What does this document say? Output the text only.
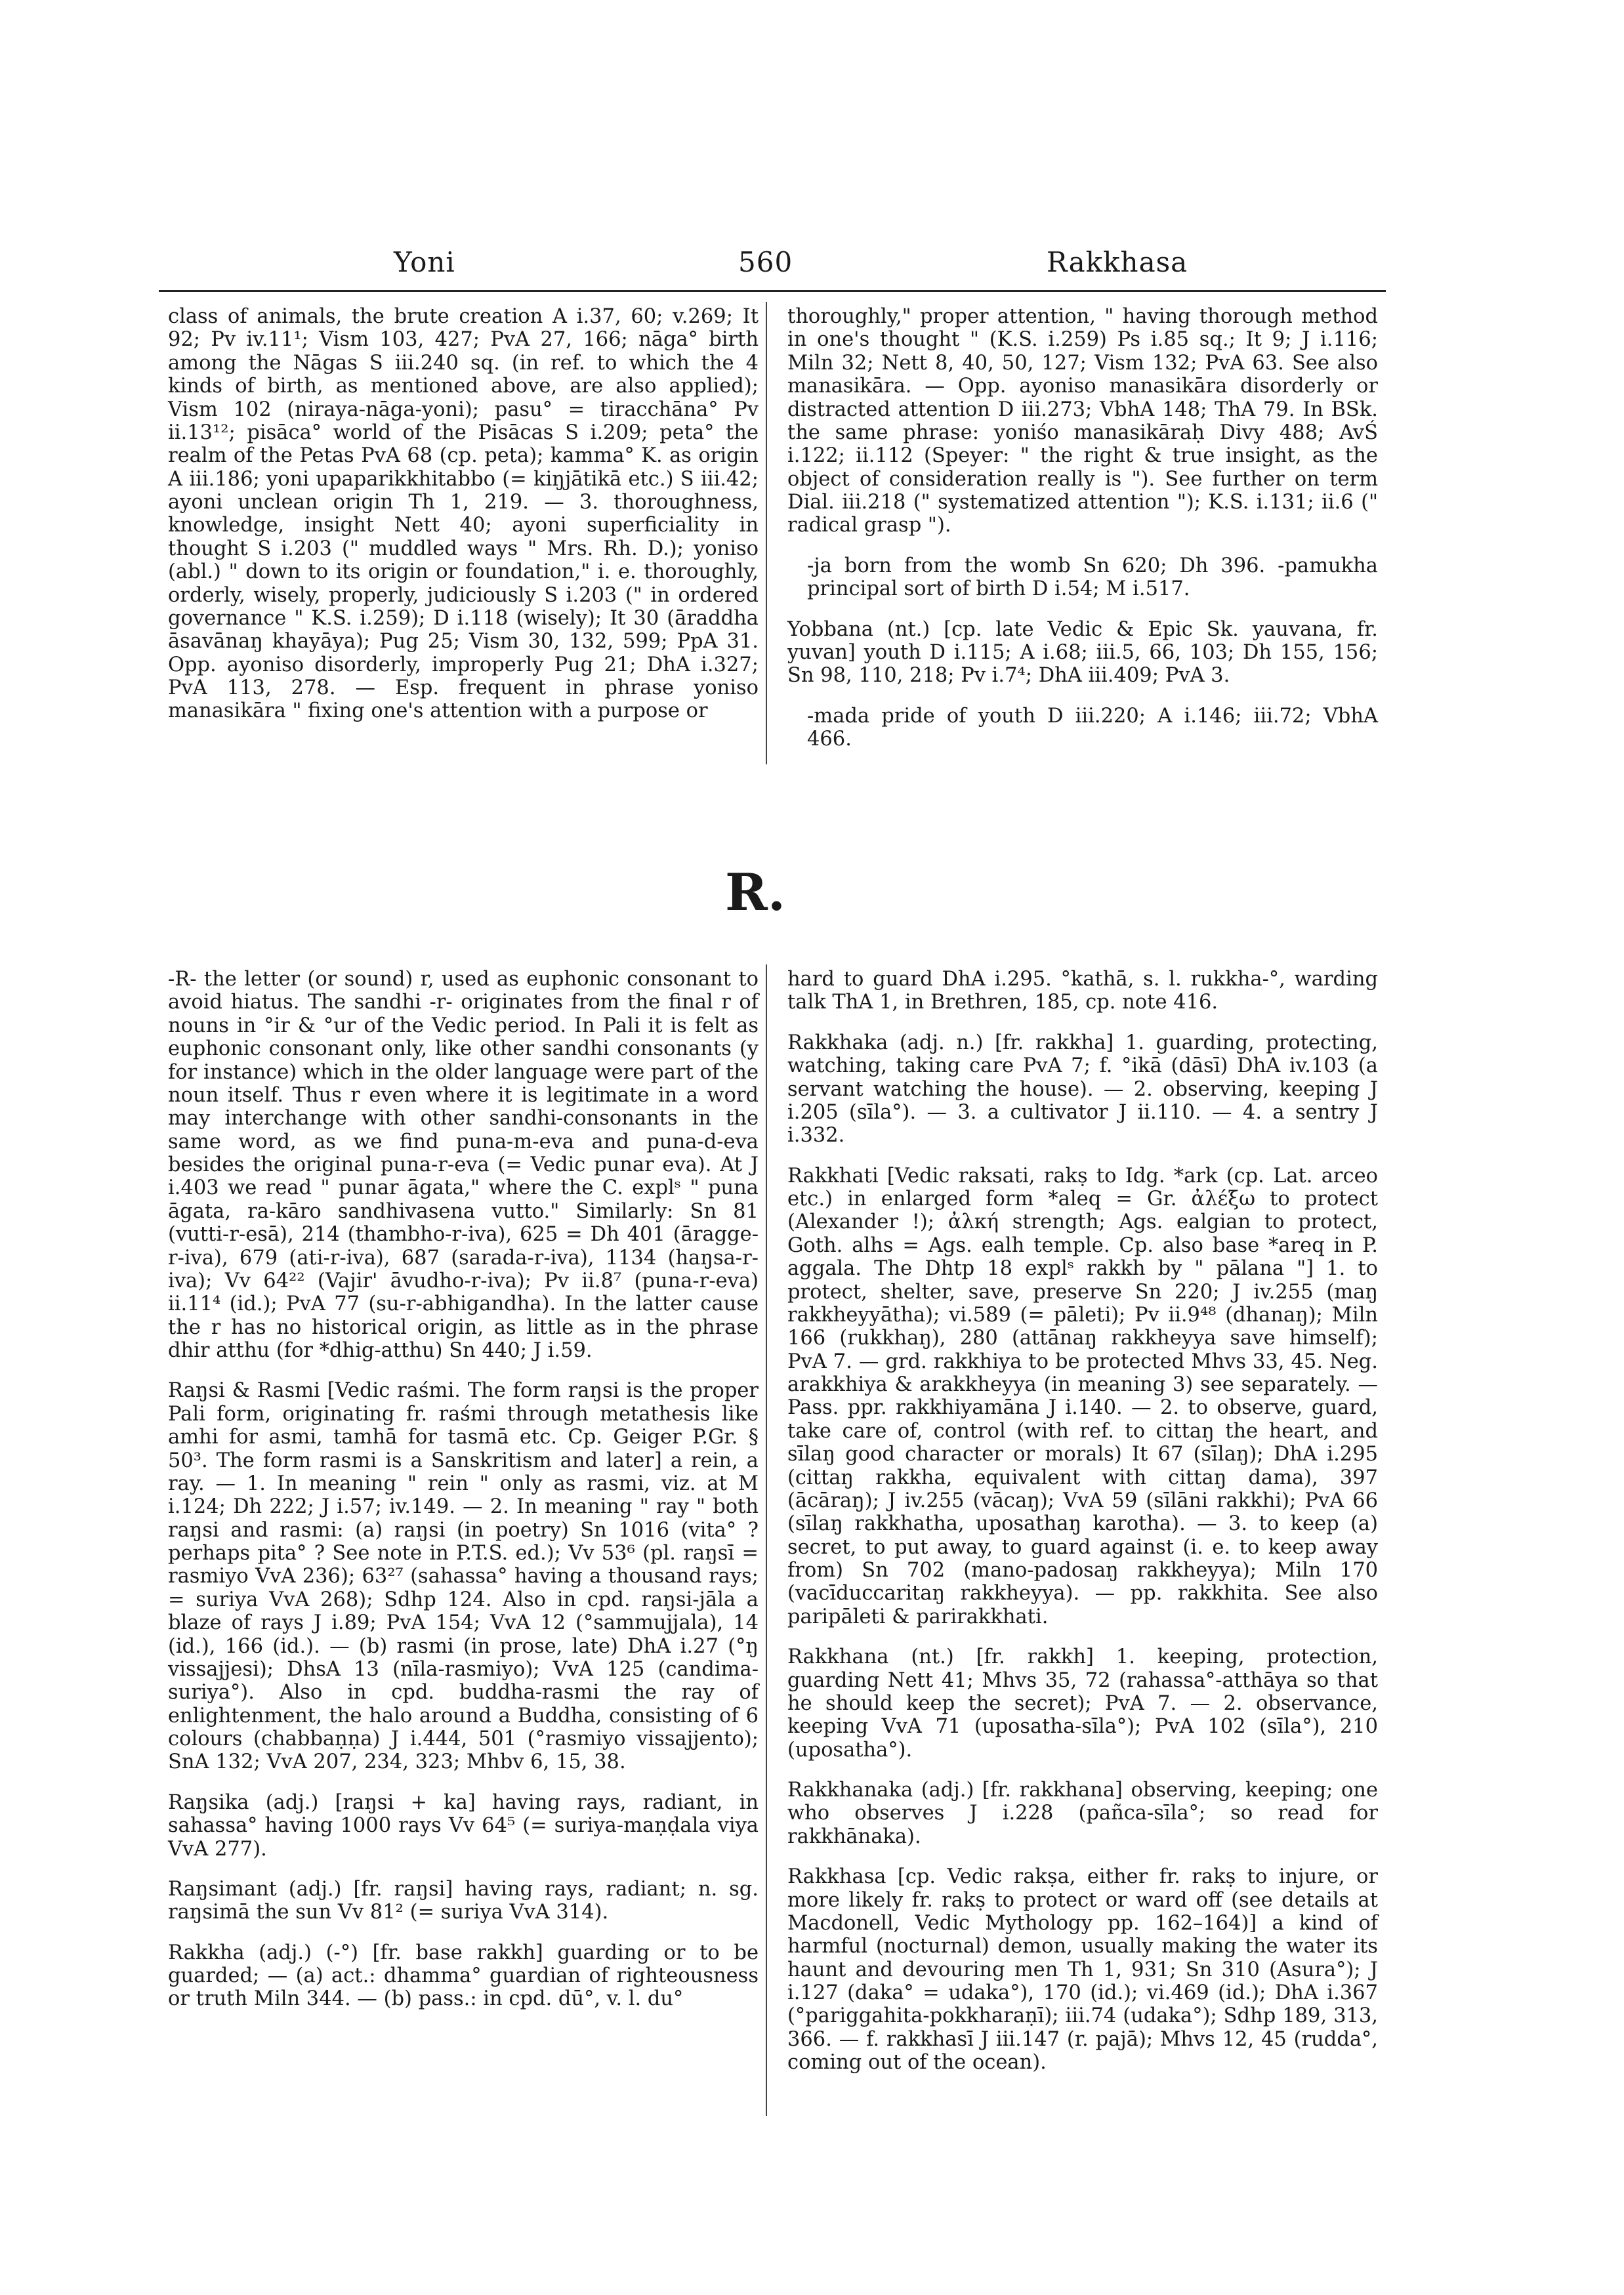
Yoni	560	Rakkhasa

class of animals, the brute creation A i.37, 60; v.269; It 92; Pv iv.11¹; Vism 103, 427; PvA 27, 166; nāga° birth among the Nāgas S iii.240 sq. (in ref. to which the 4 kinds of birth, as mentioned above, are also applied); Vism 102 (niraya-nāga-yoni); pasu° = tiracchāna° Pv ii.13¹²; pisāca° world of the Pisācas S i.209; peta° the realm of the Petas PvA 68 (cp. peta); kamma° K. as origin A iii.186; yoni upaparikkhitabbo (= kiŋjātikā etc.) S iii.42; ayoni unclean origin Th 1, 219. — 3. thoroughness, knowledge, insight Nett 40; ayoni superficiality in thought S i.203 (" muddled ways " Mrs. Rh. D.); yoniso (abl.) " down to its origin or foundation," i. e. thoroughly, orderly, wisely, properly, judiciously S i.203 (" in ordered governance " K.S. i.259); D i.118 (wisely); It 30 (āraddha āsavānaŋ khayāya); Pug 25; Vism 30, 132, 599; PpA 31. Opp. ayoniso disorderly, improperly Pug 21; DhA i.327; PvA 113, 278. — Esp. frequent in phrase yoniso manasikāra " fixing one's attention with a purpose or

thoroughly," proper attention, " having thorough method in one's thought " (K.S. i.259) Ps i.85 sq.; It 9; J i.116; Miln 32; Nett 8, 40, 50, 127; Vism 132; PvA 63. See also manasikāra. — Opp. ayoniso manasikāra disorderly or distracted attention D iii.273; VbhA 148; ThA 79. In BSk. the same phrase: yoniśo manasikāraḥ Divy 488; AvŚ i.122; ii.112 (Speyer: " the right & true insight, as the object of consideration really is "). See further on term Dial. iii.218 (" systematized attention "); K.S. i.131; ii.6 (" radical grasp ").

-ja born from the womb Sn 620; Dh 396. -pamukha principal sort of birth D i.54; M i.517.

Yobbana (nt.) [cp. late Vedic & Epic Sk. yauvana, fr. yuvan] youth D i.115; A i.68; iii.5, 66, 103; Dh 155, 156; Sn 98, 110, 218; Pv i.7⁴; DhA iii.409; PvA 3.

-mada pride of youth D iii.220; A i.146; iii.72; VbhA 466.

R.

-R- the letter (or sound) r, used as euphonic consonant to avoid hiatus. The sandhi -r- originates from the final r of nouns in °ir & °ur of the Vedic period. In Pali it is felt as euphonic consonant only, like other sandhi consonants (y for instance) which in the older language were part of the noun itself. Thus r even where it is legitimate in a word may interchange with other sandhi-consonants in the same word, as we find puna-m-eva and puna-d-eva besides the original puna-r-eva (= Vedic punar eva). At J i.403 we read " punar āgata," where the C. explˢ " puna āgata, ra-kāro sandhivasena vutto." Similarly: Sn 81 (vutti-r-esā), 214 (thambho-r-iva), 625 = Dh 401 (āragge-r-iva), 679 (ati-r-iva), 687 (sarada-r-iva), 1134 (haŋsa-r-iva); Vv 64²² (Vajir' āvudho-r-iva); Pv ii.8⁷ (puna-r-eva) ii.11⁴ (id.); PvA 77 (su-r-abhigandha). In the latter cause the r has no historical origin, as little as in the phrase dhir atthu (for *dhig-atthu) Sn 440; J i.59.

Raŋsi & Rasmi [Vedic raśmi. The form raŋsi is the proper Pali form, originating fr. raśmi through metathesis like amhi for asmi, tamhā for tasmā etc. Cp. Geiger P.Gr. § 50³. The form rasmi is a Sanskritism and later] a rein, a ray. — 1. In meaning " rein " only as rasmi, viz. at M i.124; Dh 222; J i.57; iv.149. — 2. In meaning " ray " both raŋsi and rasmi: (a) raŋsi (in poetry) Sn 1016 (vita° ? perhaps pita° ? See note in P.T.S. ed.); Vv 53⁶ (pl. raŋsī = rasmiyo VvA 236); 63²⁷ (sahassa° having a thousand rays; = suriya VvA 268); Sdhp 124. Also in cpd. raŋsi-jāla a blaze of rays J i.89; PvA 154; VvA 12 (°sammujjala), 14 (id.), 166 (id.). — (b) rasmi (in prose, late) DhA i.27 (°ŋ vissajjesi); DhsA 13 (nīla-rasmiyo); VvA 125 (candima-suriya°). Also in cpd. buddha-rasmi the ray of enlightenment, the halo around a Buddha, consisting of 6 colours (chabbaṇṇa) J i.444, 501 (°rasmiyo vissajjento); SnA 132; VvA 207, 234, 323; Mhbv 6, 15, 38.

Raŋsika (adj.) [raŋsi + ka] having rays, radiant, in sahassa° having 1000 rays Vv 64⁵ (= suriya-maṇḍala viya VvA 277).

Raŋsimant (adj.) [fr. raŋsi] having rays, radiant; n. sg. raŋsimā the sun Vv 81² (= suriya VvA 314).

Rakkha (adj.) (-°) [fr. base rakkh] guarding or to be guarded; — (a) act.: dhamma° guardian of righteousness or truth Miln 344. — (b) pass.: in cpd. dū°, v. l. du°

hard to guard DhA i.295. °kathā, s. l. rukkha-°, warding talk ThA 1, in Brethren, 185, cp. note 416.

Rakkhaka (adj. n.) [fr. rakkha] 1. guarding, protecting, watching, taking care PvA 7; f. °ikā (dāsī) DhA iv.103 (a servant watching the house). — 2. observing, keeping J i.205 (sīla°). — 3. a cultivator J ii.110. — 4. a sentry J i.332.

Rakkhati [Vedic raksati, rakṣ to Idg. *ark (cp. Lat. arceo etc.) in enlarged form *aleq = Gr. ἀλέξω to protect (Alexander !); ἀλκή strength; Ags. ealgian to protect, Goth. alhs = Ags. ealh temple. Cp. also base *areq in P. aggala. The Dhtp 18 explˢ rakkh by " pālana "] 1. to protect, shelter, save, preserve Sn 220; J iv.255 (maŋ rakkheyyātha); vi.589 (= pāleti); Pv ii.9⁴⁸ (dhanaŋ); Miln 166 (rukkhaŋ), 280 (attānaŋ rakkheyya save himself); PvA 7. — grd. rakkhiya to be protected Mhvs 33, 45. Neg. arakkhiya & arakkheyya (in meaning 3) see separately. — Pass. ppr. rakkhiyamāna J i.140. — 2. to observe, guard, take care of, control (with ref. to cittaŋ the heart, and sīlaŋ good character or morals) It 67 (sīlaŋ); DhA i.295 (cittaŋ rakkha, equivalent with cittaŋ dama), 397 (ācāraŋ); J iv.255 (vācaŋ); VvA 59 (sīlāni rakkhi); PvA 66 (sīlaŋ rakkhatha, uposathaŋ karotha). — 3. to keep (a) secret, to put away, to guard against (i. e. to keep away from) Sn 702 (mano-padosaŋ rakkheyya); Miln 170 (vacīduccaritaŋ rakkheyya). — pp. rakkhita. See also paripāleti & parirakkhati.

Rakkhana (nt.) [fr. rakkh] 1. keeping, protection, guarding Nett 41; Mhvs 35, 72 (rahassa°-atthāya so that he should keep the secret); PvA 7. — 2. observance, keeping VvA 71 (uposatha-sīla°); PvA 102 (sīla°), 210 (uposatha°).

Rakkhanaka (adj.) [fr. rakkhana] observing, keeping; one who observes J i.228 (pañca-sīla°; so read for rakkhānaka).

Rakkhasa [cp. Vedic rakṣa, either fr. rakṣ to injure, or more likely fr. rakṣ to protect or ward off (see details at Macdonell, Vedic Mythology pp. 162–164)] a kind of harmful (nocturnal) demon, usually making the water its haunt and devouring men Th 1, 931; Sn 310 (Asura°); J i.127 (daka° = udaka°), 170 (id.); vi.469 (id.); DhA i.367 (°pariggahita-pokkharaṇī); iii.74 (udaka°); Sdhp 189, 313, 366. — f. rakkhasī J iii.147 (r. pajā); Mhvs 12, 45 (rudda°, coming out of the ocean).
